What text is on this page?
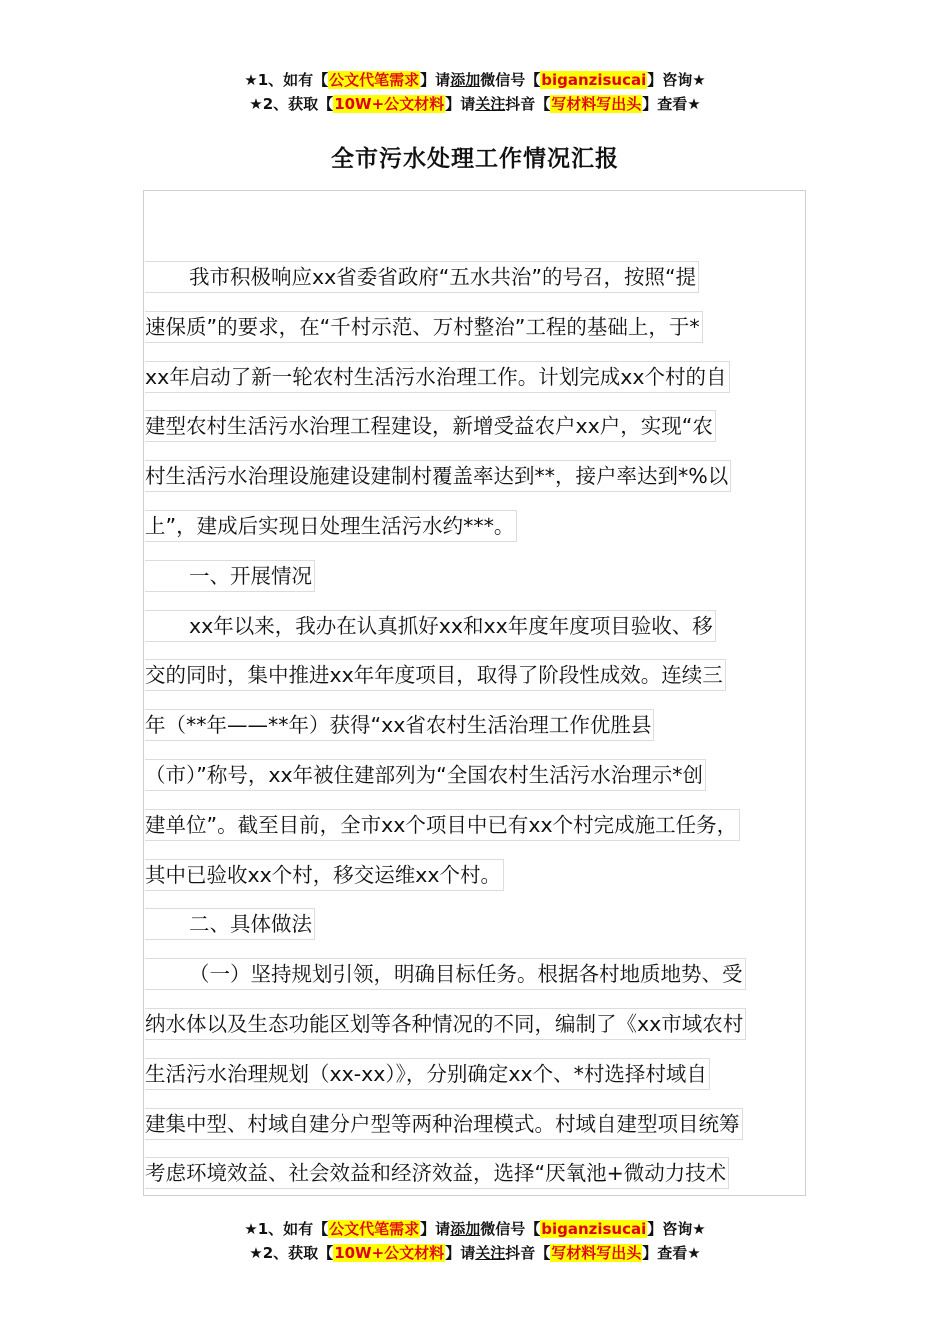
★1、如有【公文代笔需求】请添加微信号【biganzisucai】咨询★
★2、获取【10W+公文材料】请关注抖音【写材料写出头】查看★
全市污水处理工作情况汇报
我市积极响应xx省委省政府“五水共治”的号召，按照“提
速保质”的要求，在“千村示范、万村整治”工程的基础上，于*
xx年启动了新一轮农村生活污水治理工作。计划完成xx个村的自
建型农村生活污水治理工程建设，新增受益农户xx户，实现“农
村生活污水治理设施建设建制村覆盖率达到**，接户率达到*%以
上”，建成后实现日处理生活污水约***。
一、开展情况
xx年以来，我办在认真抓好xx和xx年度年度项目验收、移
交的同时，集中推进xx年年度项目，取得了阶段性成效。连续三
年（**年——**年）获得“xx省农村生活治理工作优胜县
（市）”称号，xx年被住建部列为“全国农村生活污水治理示*创
建单位”。截至目前，全市xx个项目中已有xx个村完成施工任务，
其中已验收xx个村，移交运维xx个村。
二、具体做法
（一）坚持规划引领，明确目标任务。根据各村地质地势、受
纳水体以及生态功能区划等各种情况的不同，编制了《xx市域农村
生活污水治理规划（xx-xx）》，分别确定xx个、*村选择村域自
建集中型、村域自建分户型等两种治理模式。村域自建型项目统筹
考虑环境效益、社会效益和经济效益，选择“厌氧池+微动力技术
★1、如有【公文代笔需求】请添加微信号【biganzisucai】咨询★
★2、获取【10W+公文材料】请关注抖音【写材料写出头】查看★
